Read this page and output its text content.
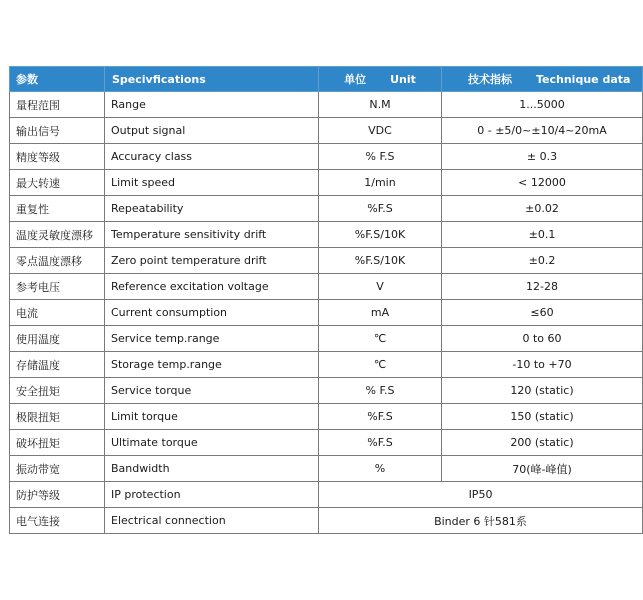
参数	Specivfications	单位 Unit	技术指标 Technique data
量程范围	Range	N.M	1...5000
输出信号	Output signal	VDC	0 - ±5/0~±10/4~20mA
精度等级	Accuracy class	% F.S	± 0.3
最大转速	Limit speed	1/min	< 12000
重复性	Repeatability	%F.S	±0.02
温度灵敏度漂移	Temperature sensitivity drift	%F.S/10K	±0.1
零点温度漂移	Zero point temperature drift	%F.S/10K	±0.2
参考电压	Reference excitation voltage	V	12-28
电流	Current consumption	mA	≤60
使用温度	Service temp.range	℃	0 to 60
存储温度	Storage temp.range	℃	-10 to +70
安全扭矩	Service torque	% F.S	120 (static)
极限扭矩	Limit torque	%F.S	150 (static)
破坏扭矩	Ultimate torque	%F.S	200 (static)
振动带宽	Bandwidth	%	70(峰-峰值)
防护等级	IP protection	IP50	
电气连接	Electrical connection	Binder 6 针581系	
